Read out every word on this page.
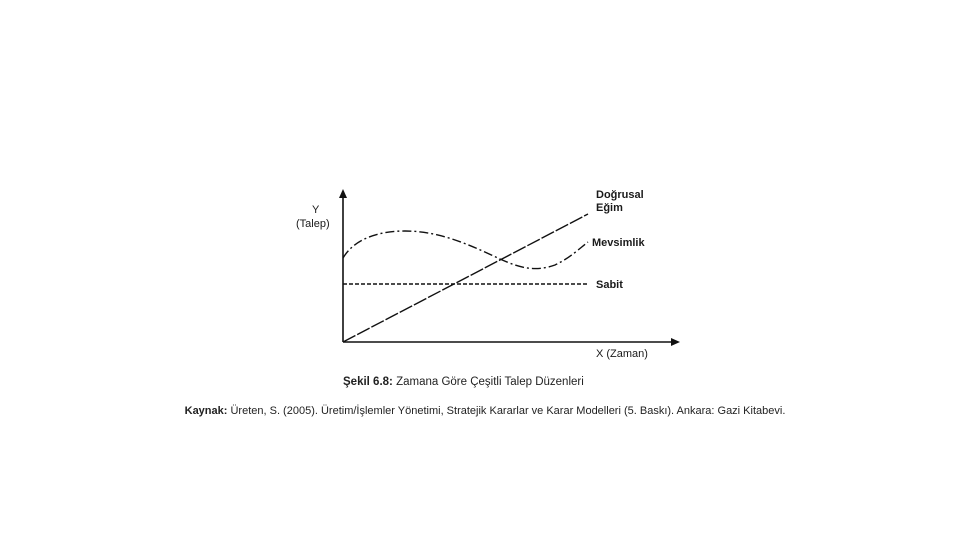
Y
(Talep)
X (Zaman)
Doğrusal
Eğim
Mevsimlik
Sabit
Şekil 6.8: Zamana Göre Çeşitli Talep Düzenleri
Kaynak: Üreten, S. (2005). Üretim/İşlemler Yönetimi, Stratejik Kararlar ve Karar Modelleri (5. Baskı). Ankara: Gazi Kitabevi.
